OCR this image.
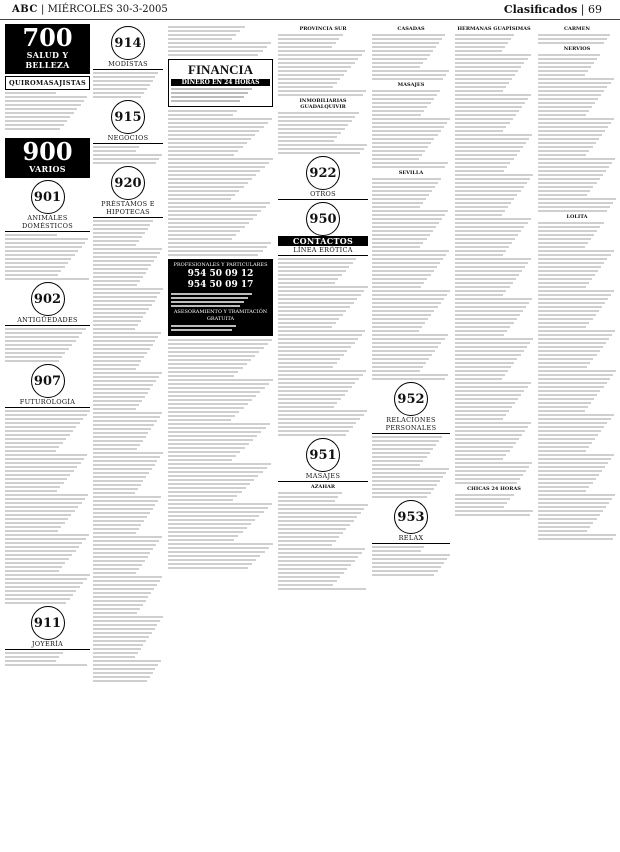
ABC | MIÉRCOLES 30-3-2005	Clasificados | 69
700
SALUD Y BELLEZA
QUIROMASAJISTAS
900
VARIOS
901
ANIMALES DOMÉSTICOS
902
ANTIGÜEDADES
907
FUTUROLOGÍA
911
JOYERÍA
914
MODISTAS
915
NEGOCIOS
920
PRÉSTAMOS E HIPOTECAS
FINANCIA
DINERO EN 24 HORAS
PROFESIONALES Y PARTICULARES
954 50 09 12
954 50 09 17
ASESORAMIENTO Y TRAMITACIÓN GRATUITA
PROVINCIA SUR
INMOBILIARIAS GUADALQUIVIR
922
OTROS
950
CONTACTOS
LÍNEA ERÓTICA
951
MASAJES
AZAHAR
CASADAS
MASAJES
SEVILLA
952
RELACIONES PERSONALES
953
RELAX
HERMANAS GUAPÍSIMAS
CHICAS 24 HORAS
CARMEN
NERVIOS
LOLITA
